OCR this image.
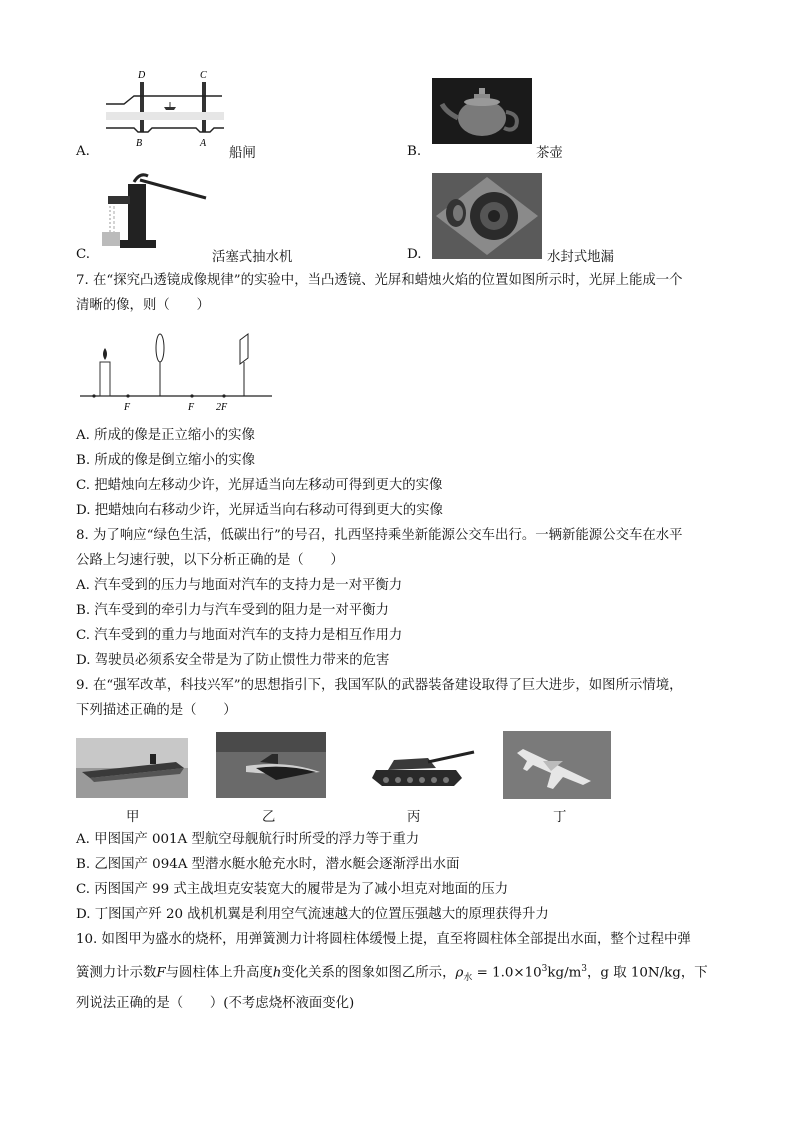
A.
D	C
B	A
船闸	B.	茶壶
C.	活塞式抽水机	D.	水封式地漏
7. 在“探究凸透镜成像规律”的实验中，当凸透镜、光屏和蜡烛火焰的位置如图所示时，光屏上能成一个
清晰的像，则（　　）
F	F 2F
A. 所成的像是正立缩小的实像
B. 所成的像是倒立缩小的实像
C. 把蜡烛向左移动少许，光屏适当向左移动可得到更大的实像
D. 把蜡烛向右移动少许，光屏适当向右移动可得到更大的实像
8. 为了响应“绿色生活，低碳出行”的号召，扎西坚持乘坐新能源公交车出行。一辆新能源公交车在水平
公路上匀速行驶，以下分析正确的是（　　）
A. 汽车受到的压力与地面对汽车的支持力是一对平衡力
B. 汽车受到的牵引力与汽车受到的阻力是一对平衡力
C. 汽车受到的重力与地面对汽车的支持力是相互作用力
D. 驾驶员必须系安全带是为了防止惯性力带来的危害
9. 在“强军改革，科技兴军”的思想指引下，我国军队的武器装备建设取得了巨大进步，如图所示情境，
下列描述正确的是（　　）
甲	乙	丙	丁
A. 甲图国产 001A 型航空母舰航行时所受的浮力等于重力
B. 乙图国产 094A 型潜水艇水舱充水时，潜水艇会逐渐浮出水面
C. 丙图国产 99 式主战坦克安装宽大的履带是为了减小坦克对地面的压力
D. 丁图国产歼 20 战机机翼是利用空气流速越大的位置压强越大的原理获得升力
10. 如图甲为盛水的烧杯，用弹簧测力计将圆柱体缓慢上提，直至将圆柱体全部提出水面，整个过程中弹
簧测力计示数F与圆柱体上升高度h变化关系的图象如图乙所示，$\rho_水 = 1.0\times 10^3kg/m^3$，g 取 10N/kg，下
列说法正确的是（　　）(不考虑烧杯液面变化)
